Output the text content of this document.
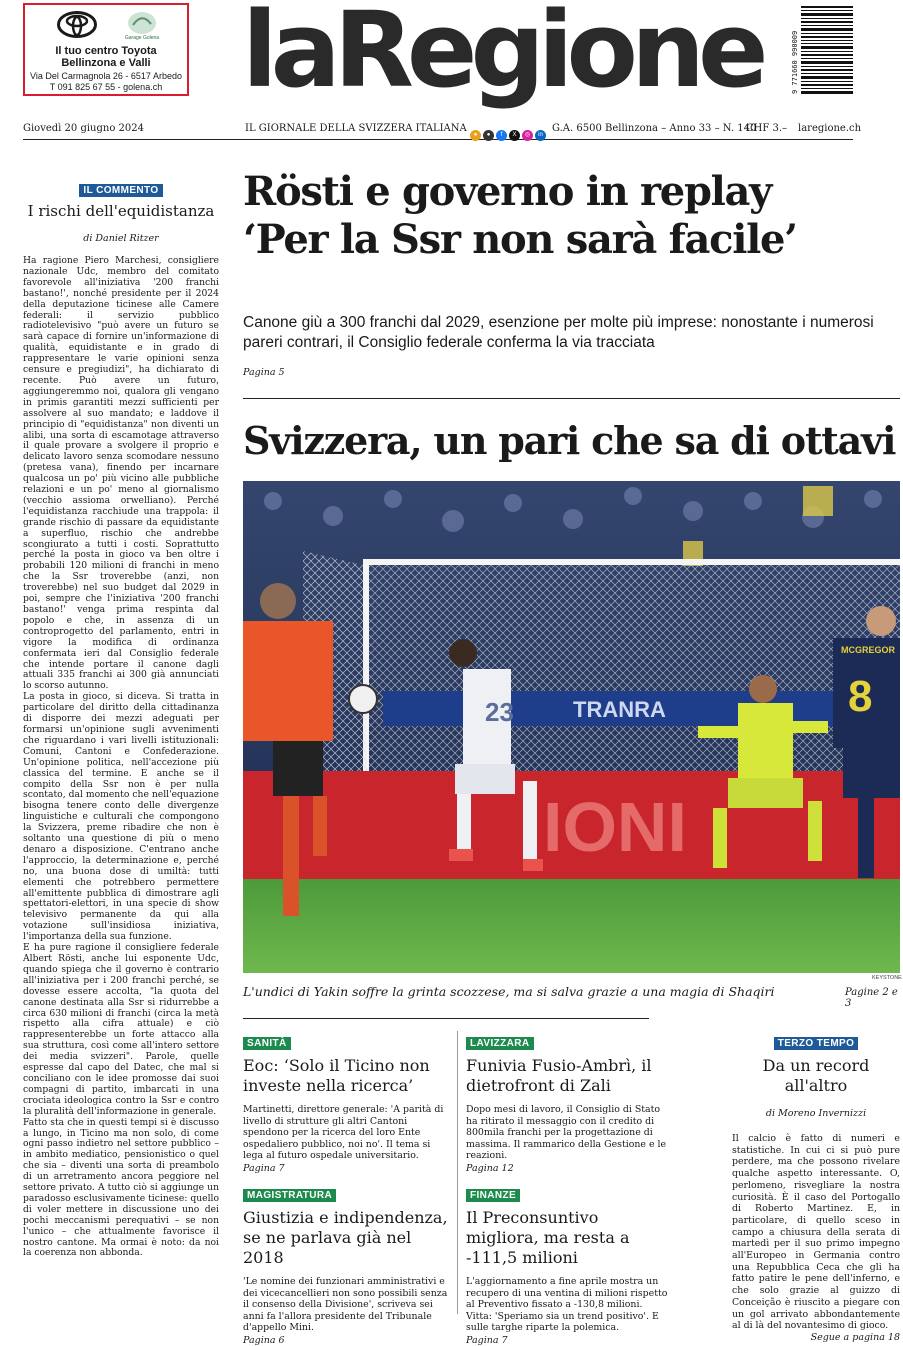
Garage Golena
Il tuo centro Toyota
Bellinzona e Valli
Via Del Carmagnola 26 - 6517 Arbedo
T 091 825 67 55 - golena.ch laRegione	9 771660 990009
Giovedì 20 giugno 2024	IL GIORNALE DELLA SVIZZERA ITALIANA	G.A. 6500 Bellinzona – Anno 33 – N. 140
CHF 3.– laregione.ch
●	●	f	X	◎	in
IL COMMENTO
I rischi dell'equidistanza
di Daniel Ritzer

Ha ragione Piero Marchesi, consigliere nazionale Udc, membro del comitato favorevole all'iniziativa '200 franchi bastano!', nonché presidente per il 2024 della deputazione ticinese alle Camere federali: il servizio pubblico radiotelevisivo "può avere un futuro se sarà capace di fornire un'informazione di qualità, equidistante e in grado di rappresentare le varie opinioni senza censure e pregiudizi", ha dichiarato di recente. Può avere un futuro, aggiungeremmo noi, qualora gli vengano in primis garantiti mezzi sufficienti per assolvere al suo mandato; e laddove il principio di "equidistanza" non diventi un alibi, una sorta di escamotage attraverso il quale provare a svolgere il proprio e delicato lavoro senza scomodare nessuno (pretesa vana), finendo per incarnare qualcosa un po' più vicino alle pubbliche relazioni e un po' meno al giornalismo (vecchio assioma orwelliano). Perché l'equidistanza racchiude una trappola: il grande rischio di passare da equidistante a superfluo, rischio che andrebbe scongiurato a tutti i costi. Soprattutto perché la posta in gioco va ben oltre i probabili 120 milioni di franchi in meno che la Ssr troverebbe (anzi, non troverebbe) nel suo budget dal 2029 in poi, sempre che l'iniziativa '200 franchi bastano!' venga prima respinta dal popolo e che, in assenza di un controprogetto del parlamento, entri in vigore la modifica di ordinanza confermata ieri dal Consiglio federale che intende portare il canone dagli attuali 335 franchi ai 300 già annunciati lo scorso autunno.

La posta in gioco, si diceva. Si tratta in particolare del diritto della cittadinanza di disporre dei mezzi adeguati per formarsi un'opinione sugli avvenimenti che riguardano i vari livelli istituzionali: Comuni, Cantoni e Confederazione. Un'opinione politica, nell'accezione più classica del termine. E anche se il compito della Ssr non è per nulla scontato, dal momento che nell'equazione bisogna tenere conto delle divergenze linguistiche e culturali che compongono la Svizzera, preme ribadire che non è soltanto una questione di più o meno denaro a disposizione. C'entrano anche l'approccio, la determinazione e, perché no, una buona dose di umiltà: tutti elementi che potrebbero permettere all'emittente pubblica di dimostrare agli spettatori-elettori, in una specie di show televisivo permanente da qui alla votazione sull'insidiosa iniziativa, l'importanza della sua funzione.

E ha pure ragione il consigliere federale Albert Rösti, anche lui esponente Udc, quando spiega che il governo è contrario all'iniziativa per i 200 franchi perché, se dovesse essere accolta, "la quota del canone destinata alla Ssr si ridurrebbe a circa 630 milioni di franchi (circa la metà rispetto alla cifra attuale) e ciò rappresenterebbe un forte attacco alla sua struttura, così come all'intero settore dei media svizzeri". Parole, quelle espresse dal capo del Datec, che mal si conciliano con le idee promosse dai suoi compagni di partito, imbarcati in una crociata ideologica contro la Ssr e contro la pluralità dell'informazione in generale.

Fatto sta che in questi tempi si è discusso a lungo, in Ticino ma non solo, di come ogni passo indietro nel settore pubblico – in ambito mediatico, pensionistico o quel che sia – diventi una sorta di preambolo di un arretramento ancora peggiore nel settore privato. A tutto ciò si aggiunge un paradosso esclusivamente ticinese: quello di voler mettere in discussione uno dei pochi meccanismi perequativi – se non l'unico – che attualmente favorisce il nostro cantone. Ma ormai è noto: da noi la coerenza non abbonda.

Rösti e governo in replay
‘Per la Ssr non sarà facile’
Canone giù a 300 franchi dal 2029, esenzione per molte più imprese: nonostante i numerosi pareri contrari, il Consiglio federale conferma la via tracciata
Pagina 5
Svizzera, un pari che sa di ottavi
TRANRA
IONI
23
MCGREGOR
8
KEYSTONE
L'undici di Yakin soffre la grinta scozzese, ma si salva grazie a una magia di Shaqiri	Pagine 2 e 3
SANITÀ
Eoc: ‘Solo il Ticino non investe nella ricerca’
Martinetti, direttore generale: 'A parità di livello di strutture gli altri Cantoni spendono per la ricerca del loro Ente ospedaliero pubblico, noi no'. Il tema si lega al futuro ospedale universitario.
Pagina 7
LAVIZZARA
Funivia Fusio-Ambrì, il dietrofront di Zali
Dopo mesi di lavoro, il Consiglio di Stato ha ritirato il messaggio con il credito di 800mila franchi per la progettazione di massima. Il rammarico della Gestione e le reazioni.
Pagina 12
MAGISTRATURA
Giustizia e indipendenza, se ne parlava già nel 2018
'Le nomine dei funzionari amministrativi e dei vicecancellieri non sono possibili senza il consenso della Divisione', scriveva sei anni fa l'allora presidente del Tribunale d'appello Mini.
Pagina 6
FINANZE
Il Preconsuntivo migliora, ma resta a -111,5 milioni
L'aggiornamento a fine aprile mostra un recupero di una ventina di milioni rispetto al Preventivo fissato a -130,8 milioni. Vitta: 'Speriamo sia un trend positivo'. E sulle targhe riparte la polemica.
Pagina 7
TERZO TEMPO
Da un record all'altro
di Moreno Invernizzi
Il calcio è fatto di numeri e statistiche. In cui ci si può pure perdere, ma che possono rivelare qualche aspetto interessante. O, perlomeno, risvegliare la nostra curiosità. È il caso del Portogallo di Roberto Martinez. E, in particolare, di quello sceso in campo a chiusura della serata di martedì per il suo primo impegno all'Europeo in Germania contro una Repubblica Ceca che gli ha fatto patire le pene dell'inferno, e che solo grazie al guizzo di Conceição è riuscito a piegare con un gol arrivato abbondantemente al di là del novantesimo di gioco.
Segue a pagina 18
